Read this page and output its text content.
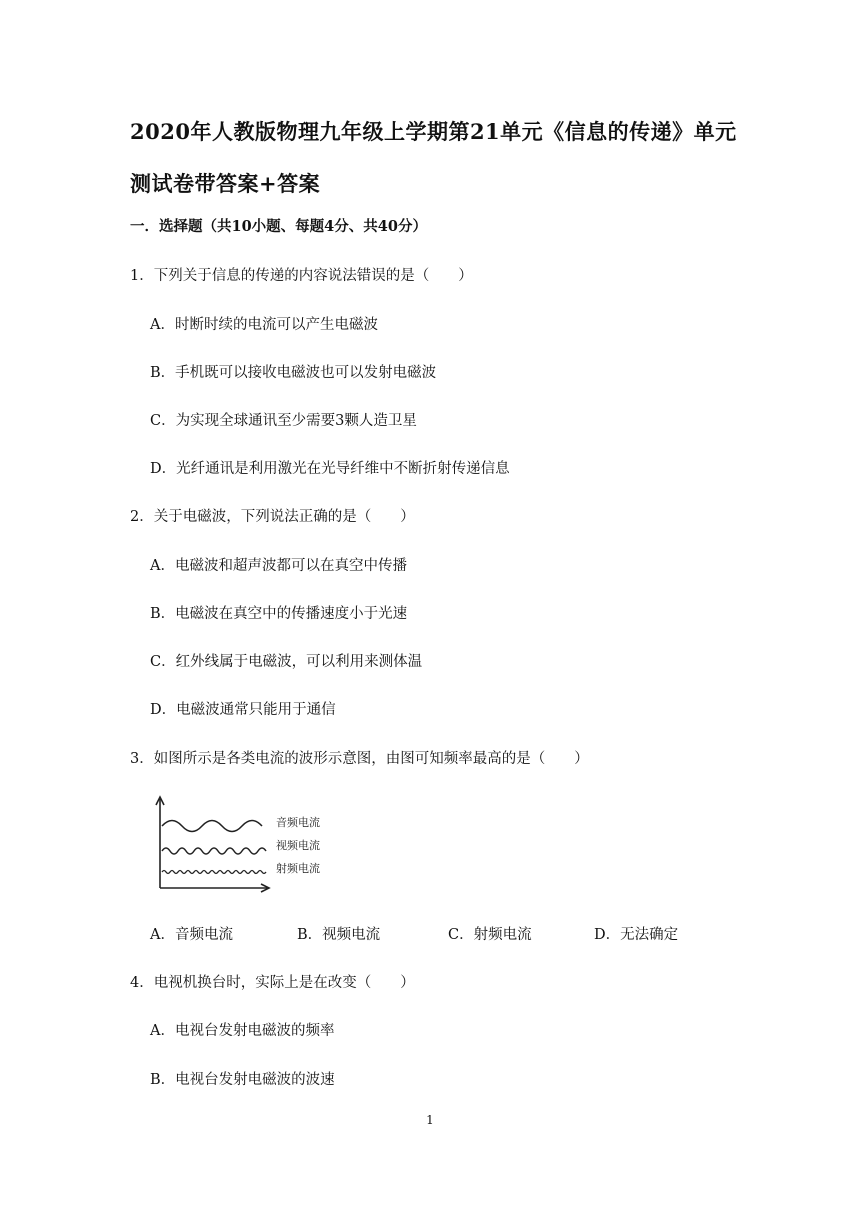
2020年人教版物理九年级上学期第21单元《信息的传递》单元测试卷带答案+答案
一．选择题（共10小题、每题4分、共40分）
1．下列关于信息的传递的内容说法错误的是（　　）
A．时断时续的电流可以产生电磁波
B．手机既可以接收电磁波也可以发射电磁波
C．为实现全球通讯至少需要3颗人造卫星
D．光纤通讯是利用激光在光导纤维中不断折射传递信息
2．关于电磁波，下列说法正确的是（　　）
A．电磁波和超声波都可以在真空中传播
B．电磁波在真空中的传播速度小于光速
C．红外线属于电磁波，可以利用来测体温
D．电磁波通常只能用于通信
3．如图所示是各类电流的波形示意图，由图可知频率最高的是（　　）
音频电流
视频电流
射频电流
A．音频电流	B．视频电流	C．射频电流	D．无法确定
4．电视机换台时，实际上是在改变（　　）
A．电视台发射电磁波的频率
B．电视台发射电磁波的波速
1
